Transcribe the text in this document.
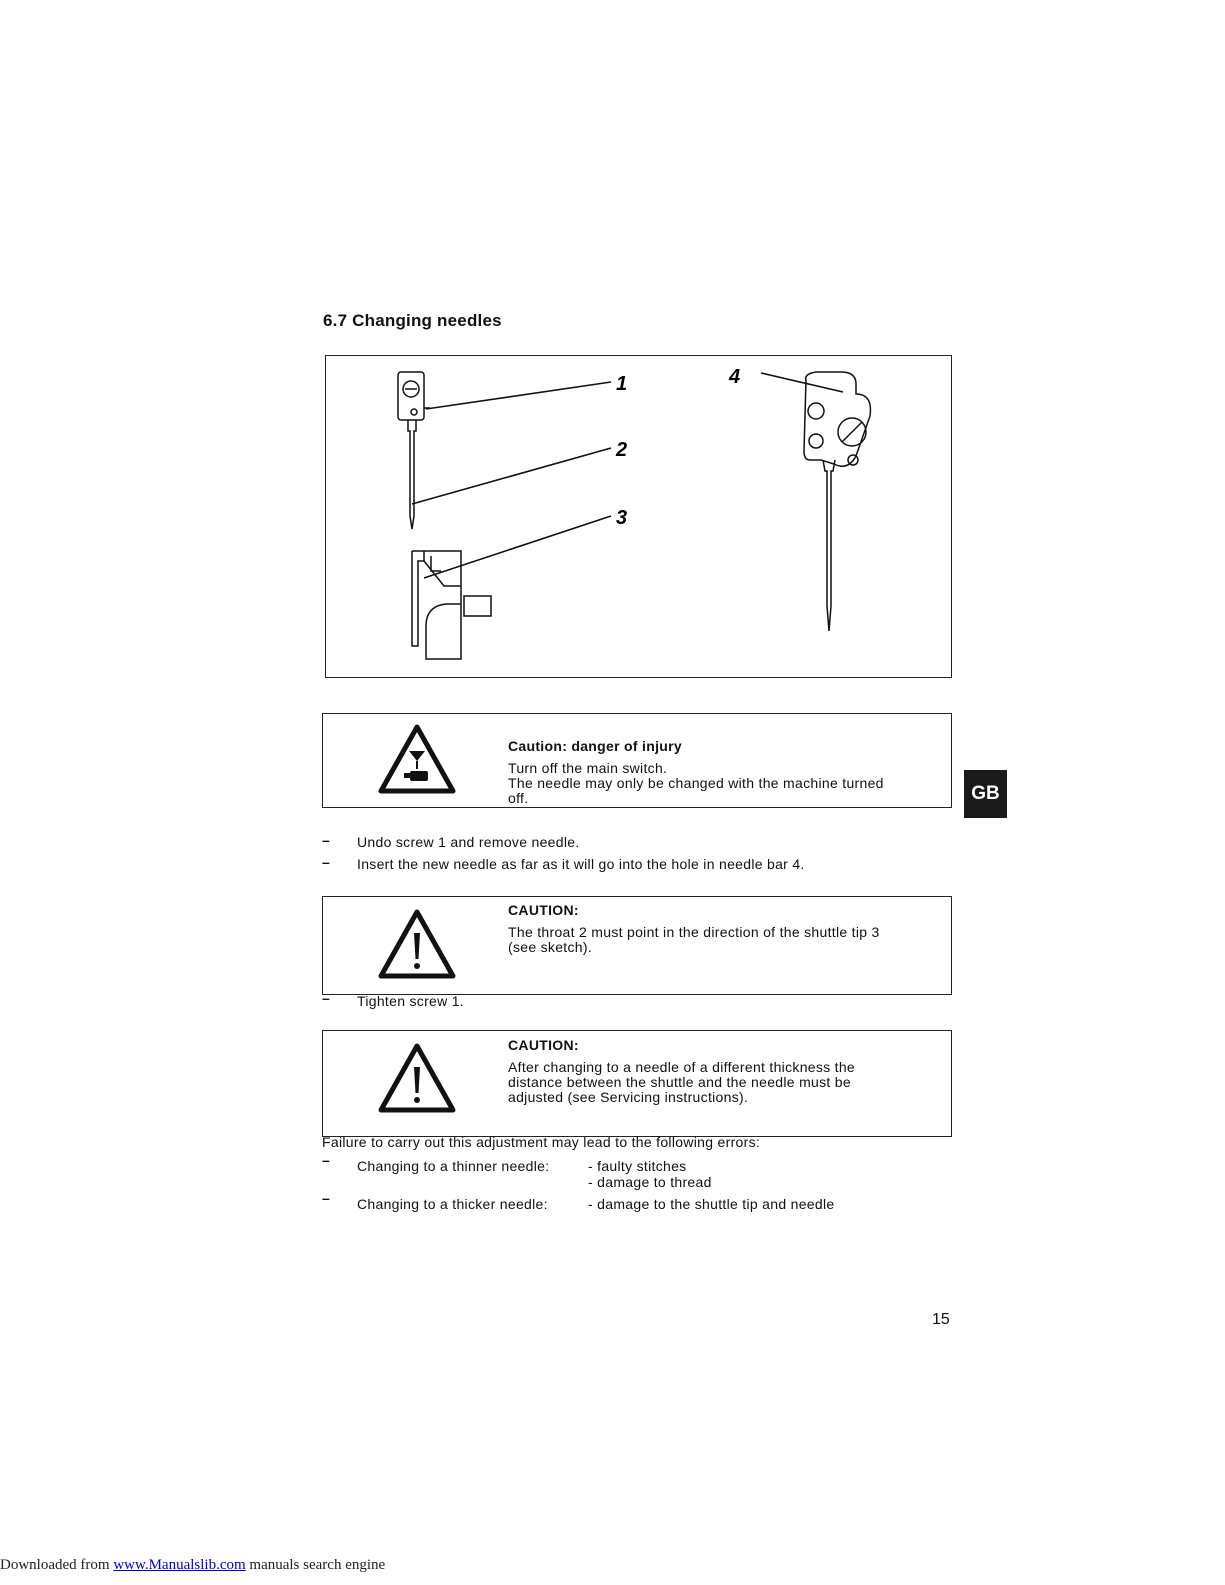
6.7 Changing needles
1
2
3
4
Caution: danger of injury
Turn off the main switch.
The needle may only be changed with the machine turned
off.	GB
– Undo screw 1 and remove needle.
– Insert the new needle as far as it will go into the hole in needle bar 4.
CAUTION:
The throat 2 must point in the direction of the shuttle tip 3
(see sketch).
– Tighten screw 1.
CAUTION:
After changing to a needle of a different thickness the
distance between the shuttle and the needle must be
adjusted (see Servicing instructions).
Failure to carry out this adjustment may lead to the following errors:
– Changing to a thinner needle:	- faulty stitches
- damage to thread
– Changing to a thicker needle:	- damage to the shuttle tip and needle
15
Downloaded from www.Manualslib.com manuals search engine
